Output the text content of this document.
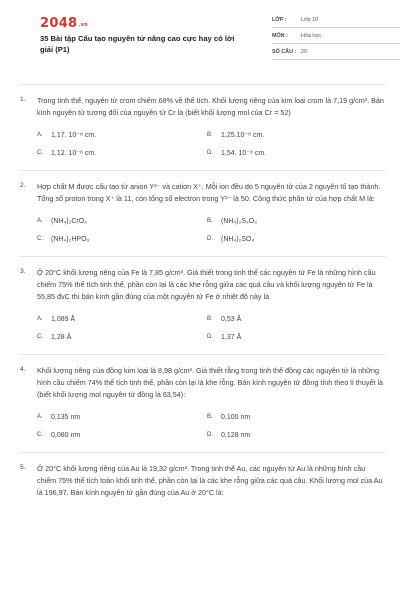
$2048^{.vn}$
35 Bài tập Cấu tạo nguyên tử nâng cao cực hay có lời giải (P1)
LỚP :	Lớp 10
MÔN :	Hóa học
SỐ CÂU : 20
1. Trong tinh thể, nguyên tử crom chiếm 68% về thể tích. Khối lượng riêng của kim loại crom là 7,19 g/cm³. Bán kính nguyên tử tương đối của nguyên tử Cr là (biết khối lượng mol của Cr = 52)
A.	1,17. 10⁻⁸ cm.	B.	1,25.10⁻⁸ cm.
C.	1,12. 10⁻⁸ cm.	D.	1,54. 10⁻⁸ cm.
2. Hợp chất M được cấu tạo từ anion Y²⁻ và cation X⁺. Mỗi ion đều do 5 nguyên tử của 2 nguyên tố tạo thành. Tổng số proton trong X⁺ là 11, còn tổng số electron trong Y²⁻ là 50. Công thức phân tử của hợp chất M là:
A.	(NH₄)₂CrO₄	B.	(NH₄)₂S₂O₃
C.	(NH₄)₂HPO₃	D.	(NH₄)₂SO₄
3. Ở 20°C khối lượng riêng của Fe là 7,85 g/cm³. Giả thiết trong tinh thể các nguyên tử Fe là những hình cầu chiếm 75% thể tích tinh thể, phần còn lại là các khe rỗng giữa các quả cầu và khối lượng nguyên tử Fe là 55,85 đvC thì bán kính gần đúng của một nguyên tử Fe ở nhiệt độ này là
A.	1,089 Å	B.	0,53 Å
C.	1,28 Å	D.	1,37 Å
4. Khối lượng riêng của đồng kim loại là 8,98 g/cm³. Giả thiết rằng trong tinh thể đồng các nguyên tử là những hình cầu chiếm 74% thể tích tinh thể, phần còn lại là khe rỗng. Bán kính nguyên tử đồng tính theo lí thuyết là (biết khối lượng mol nguyên tử đồng là 63,54):
A.	0,135 nm	B.	0,100 nm
C.	0,080 nm	D.	0,128 nm
5. Ở 20°C khối lượng riêng của Au là 19,32 g/cm³. Trong tinh thể Au, các nguyên tử Au là những hình cầu chiếm 75% thể tích toàn khối tinh thể, phần còn lại là các khe rỗng giữa các quả cầu. Khối lượng mol của Au là 196,97. Bán kính nguyên tử gần đúng của Au ở 20°C là:
